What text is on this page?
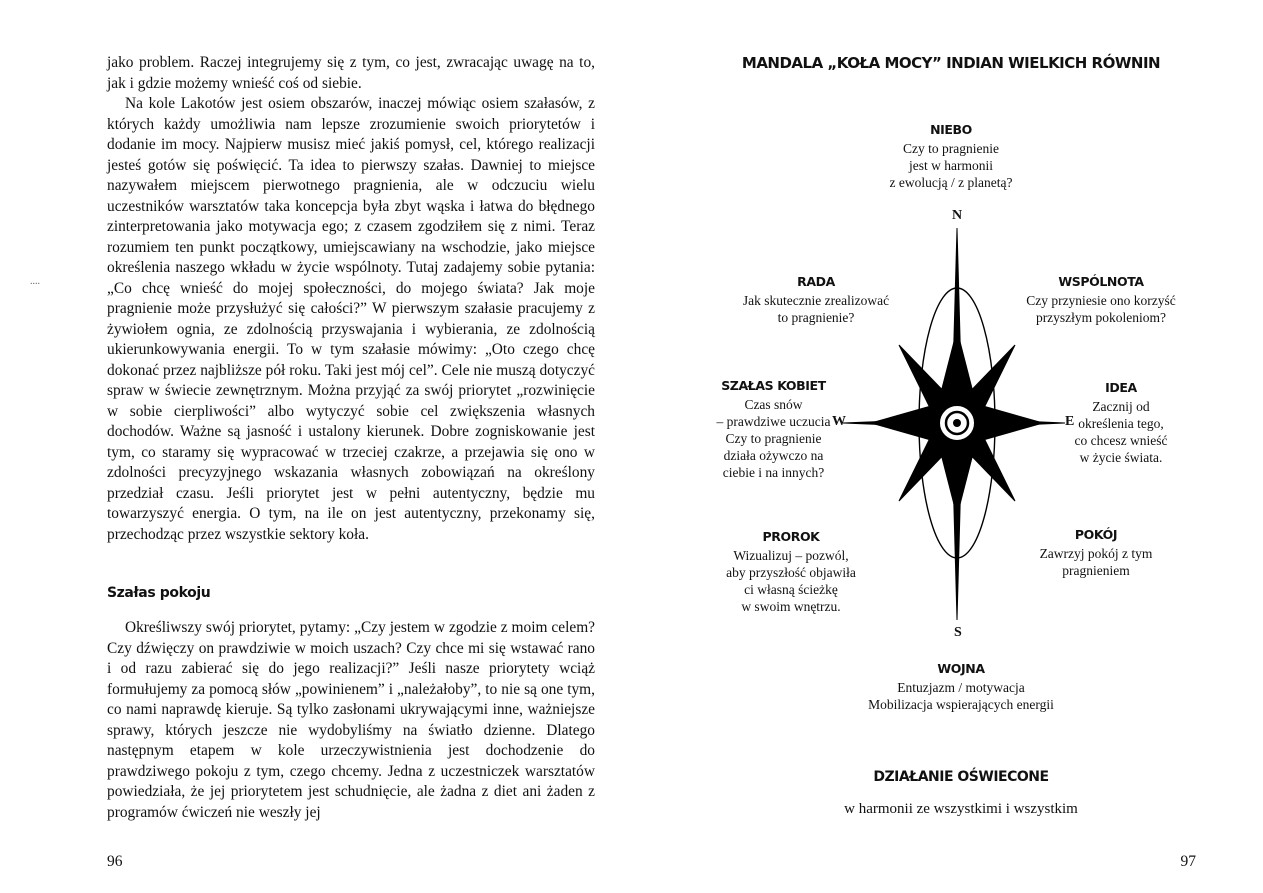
....

jako problem. Raczej integrujemy się z tym, co jest, zwracając uwagę na to, jak i gdzie możemy wnieść coś od siebie.

Na kole Lakotów jest osiem obszarów, inaczej mówiąc osiem szałasów, z których każdy umożliwia nam lepsze zrozumienie swoich priorytetów i dodanie im mocy. Najpierw musisz mieć jakiś pomysł, cel, którego realizacji jesteś gotów się poświęcić. Ta idea to pierwszy szałas. Dawniej to miejsce nazywałem miejscem pierwotnego pragnienia, ale w odczuciu wielu uczestników warsztatów taka koncepcja była zbyt wąska i łatwa do błędnego zinterpretowania jako motywacja ego; z czasem zgodziłem się z nimi. Teraz rozumiem ten punkt początkowy, umiejscawiany na wschodzie, jako miejsce określenia naszego wkładu w życie wspólnoty. Tutaj zadajemy sobie pytania: „Co chcę wnieść do mojej społeczności, do mojego świata? Jak moje pragnienie może przysłużyć się całości?” W pierwszym szałasie pracujemy z żywiołem ognia, ze zdolnością przyswajania i wybierania, ze zdolnością ukierunkowywania energii. To w tym szałasie mówimy: „Oto czego chcę dokonać przez najbliższe pół roku. Taki jest mój cel”. Cele nie muszą dotyczyć spraw w świecie zewnętrznym. Można przyjąć za swój priorytet „rozwinięcie w sobie cierpliwości” albo wytyczyć sobie cel zwiększenia własnych dochodów. Ważne są jasność i ustalony kierunek. Dobre zogniskowanie jest tym, co staramy się wypracować w trzeciej czakrze, a przejawia się ono w zdolności precyzyjnego wskazania własnych zobowiązań na określony przedział czasu. Jeśli priorytet jest w pełni autentyczny, będzie mu towarzyszyć energia. O tym, na ile on jest autentyczny, przekonamy się, przechodząc przez wszystkie sektory koła.

Szałas pokoju

Określiwszy swój priorytet, pytamy: „Czy jestem w zgodzie z moim celem? Czy dźwięczy on prawdziwie w moich uszach? Czy chce mi się wstawać rano i od razu zabierać się do jego realizacji?” Jeśli nasze priorytety wciąż formułujemy za pomocą słów „powinienem” i „należałoby”, to nie są one tym, co nami naprawdę kieruje. Są tylko zasłonami ukrywającymi inne, ważniejsze sprawy, których jeszcze nie wydobyliśmy na światło dzienne. Dlatego następnym etapem w kole urzeczywistnienia jest dochodzenie do prawdziwego pokoju z tym, czego chcemy. Jedna z uczestniczek warsztatów powiedziała, że jej priorytetem jest schudnięcie, ale żadna z diet ani żaden z programów ćwiczeń nie weszły jej

96
MANDALA „KOŁA MOCY” INDIAN WIELKICH RÓWNIN
N
S
W	E
NIEBO
Czy to pragnienie
jest w harmonii
z ewolucją / z planetą?
RADA
Jak skutecznie zrealizować
to pragnienie?
WSPÓLNOTA
Czy przyniesie ono korzyść
przyszłym pokoleniom?
SZAŁAS KOBIET
Czas snów
– prawdziwe uczucia
Czy to pragnienie
działa ożywczo na
ciebie i na innych?
IDEA
Zacznij od
określenia tego,
co chcesz wnieść
w życie świata.
PROROK
Wizualizuj – pozwól,
aby przyszłość objawiła
ci własną ścieżkę
w swoim wnętrzu.
POKÓJ
Zawrzyj pokój z tym
pragnieniem
WOJNA
Entuzjazm / motywacja
Mobilizacja wspierających energii
DZIAŁANIE OŚWIECONE
w harmonii ze wszystkimi i wszystkim
97
